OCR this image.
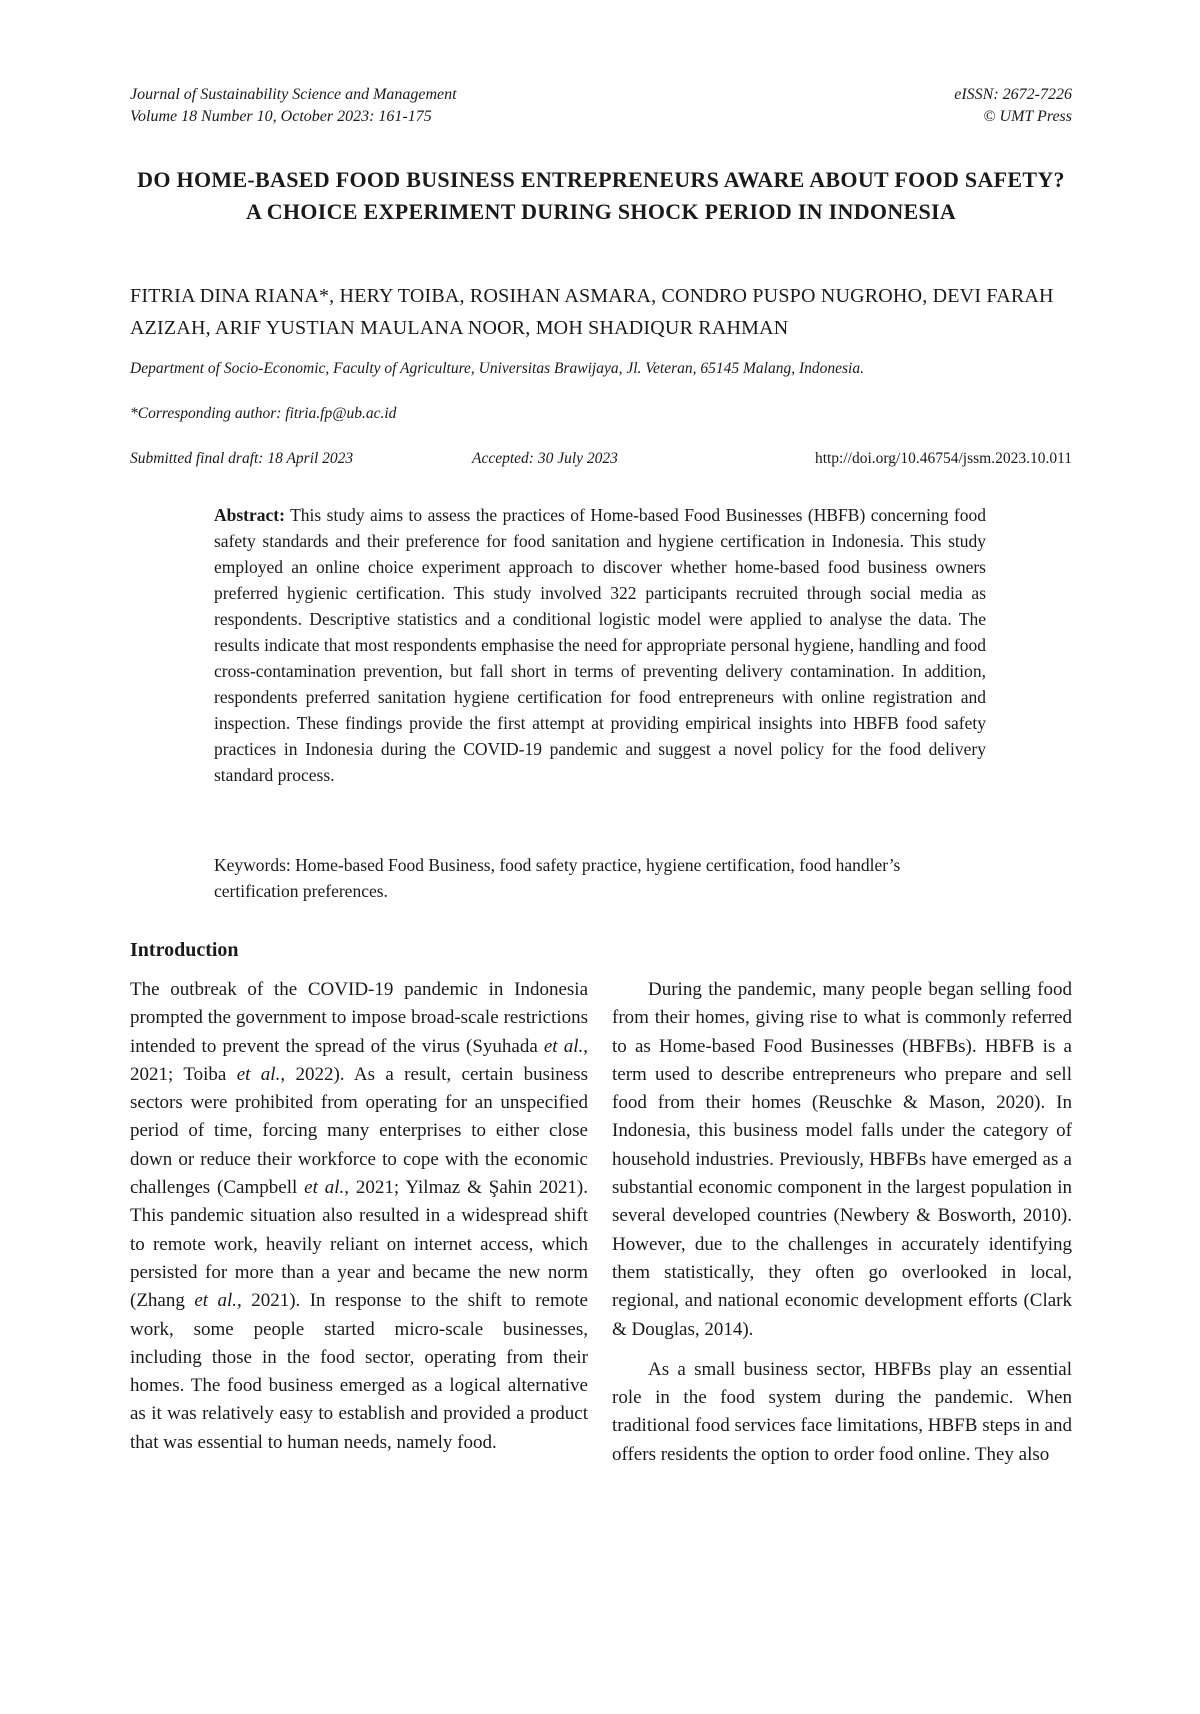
Journal of Sustainability Science and Management
Volume 18 Number 10, October 2023: 161-175
eISSN: 2672-7226
© UMT Press
DO HOME-BASED FOOD BUSINESS ENTREPRENEURS AWARE ABOUT FOOD SAFETY? A CHOICE EXPERIMENT DURING SHOCK PERIOD IN INDONESIA
FITRIA DINA RIANA*, HERY TOIBA, ROSIHAN ASMARA, CONDRO PUSPO NUGROHO, DEVI FARAH AZIZAH, ARIF YUSTIAN MAULANA NOOR, MOH SHADIQUR RAHMAN
Department of Socio-Economic, Faculty of Agriculture, Universitas Brawijaya, Jl. Veteran, 65145 Malang, Indonesia.
*Corresponding author: fitria.fp@ub.ac.id
Submitted final draft: 18 April 2023	Accepted: 30 July 2023	http://doi.org/10.46754/jssm.2023.10.011
Abstract: This study aims to assess the practices of Home-based Food Businesses (HBFB) concerning food safety standards and their preference for food sanitation and hygiene certification in Indonesia. This study employed an online choice experiment approach to discover whether home-based food business owners preferred hygienic certification. This study involved 322 participants recruited through social media as respondents. Descriptive statistics and a conditional logistic model were applied to analyse the data. The results indicate that most respondents emphasise the need for appropriate personal hygiene, handling and food cross-contamination prevention, but fall short in terms of preventing delivery contamination. In addition, respondents preferred sanitation hygiene certification for food entrepreneurs with online registration and inspection. These findings provide the first attempt at providing empirical insights into HBFB food safety practices in Indonesia during the COVID-19 pandemic and suggest a novel policy for the food delivery standard process.
Keywords: Home-based Food Business, food safety practice, hygiene certification, food handler’s certification preferences.
Introduction

The outbreak of the COVID-19 pandemic in Indonesia prompted the government to impose broad-scale restrictions intended to prevent the spread of the virus (Syuhada et al., 2021; Toiba et al., 2022). As a result, certain business sectors were prohibited from operating for an unspecified period of time, forcing many enterprises to either close down or reduce their workforce to cope with the economic challenges (Campbell et al., 2021; Yilmaz & Şahin 2021). This pandemic situation also resulted in a widespread shift to remote work, heavily reliant on internet access, which persisted for more than a year and became the new norm (Zhang et al., 2021). In response to the shift to remote work, some people started micro-scale businesses, including those in the food sector, operating from their homes. The food business emerged as a logical alternative as it was relatively easy to establish and provided a product that was essential to human needs, namely food.

During the pandemic, many people began selling food from their homes, giving rise to what is commonly referred to as Home-based Food Businesses (HBFBs). HBFB is a term used to describe entrepreneurs who prepare and sell food from their homes (Reuschke & Mason, 2020). In Indonesia, this business model falls under the category of household industries. Previously, HBFBs have emerged as a substantial economic component in the largest population in several developed countries (Newbery & Bosworth, 2010). However, due to the challenges in accurately identifying them statistically, they often go overlooked in local, regional, and national economic development efforts (Clark & Douglas, 2014).

As a small business sector, HBFBs play an essential role in the food system during the pandemic. When traditional food services face limitations, HBFB steps in and offers residents the option to order food online. They also
